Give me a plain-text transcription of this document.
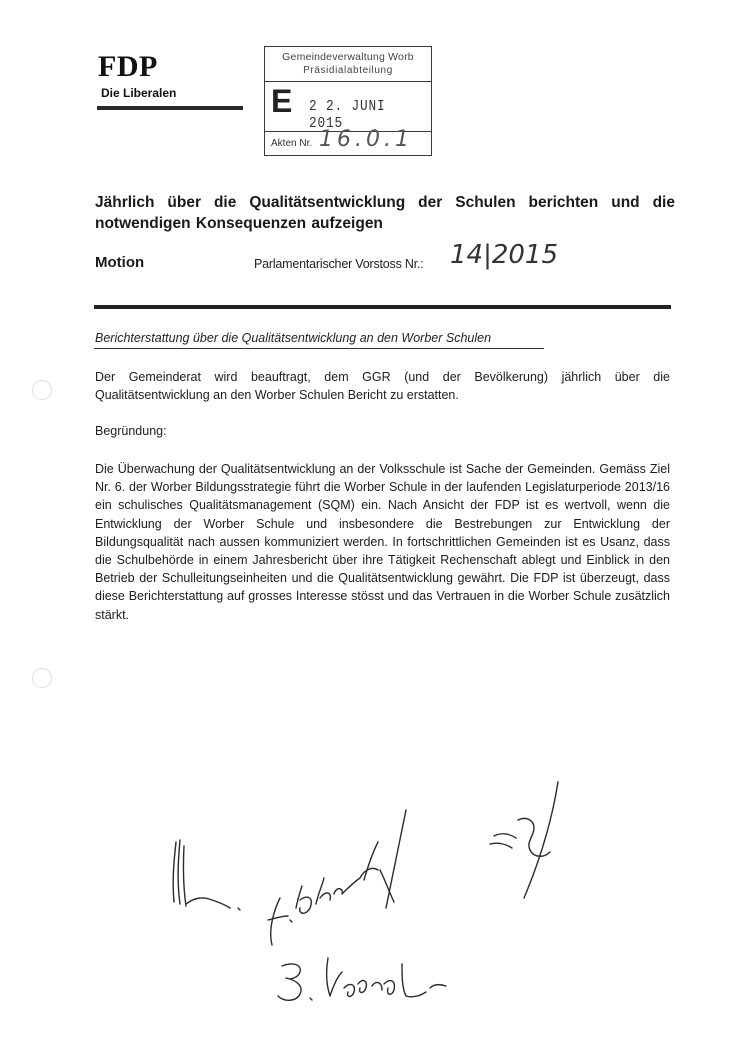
FDP
Die Liberalen
Gemeindeverwaltung Worb
Präsidialabteilung
E 2 2. JUNI 2015
Akten Nr. 16.0.1
Jährlich über die Qualitätsentwicklung der Schulen berichten und die notwendigen Konsequenzen aufzeigen
Motion	Parlamentarischer Vorstoss Nr.: 14|2015
Berichterstattung über die Qualitätsentwicklung an den Worber Schulen
Der Gemeinderat wird beauftragt, dem GGR (und der Bevölkerung) jährlich über die Qualitätsentwicklung an den Worber Schulen Bericht zu erstatten.
Begründung:
Die Überwachung der Qualitätsentwicklung an der Volksschule ist Sache der Gemeinden. Gemäss Ziel Nr. 6. der Worber Bildungsstrategie führt die Worber Schule in der laufenden Legislaturperiode 2013/16 ein schulisches Qualitätsmanagement (SQM) ein. Nach Ansicht der FDP ist es wertvoll, wenn die Entwicklung der Worber Schule und insbesondere die Bestrebungen zur Entwicklung der Bildungsqualität nach aussen kommuniziert werden. In fortschrittlichen Gemeinden ist es Usanz, dass die Schulbehörde in einem Jahresbericht über ihre Tätigkeit Rechenschaft ablegt und Einblick in den Betrieb der Schulleitungseinheiten und die Qualitätsentwicklung gewährt. Die FDP ist überzeugt, dass diese Berichterstattung auf grosses Interesse stösst und das Vertrauen in die Worber Schule zusätzlich stärkt.
